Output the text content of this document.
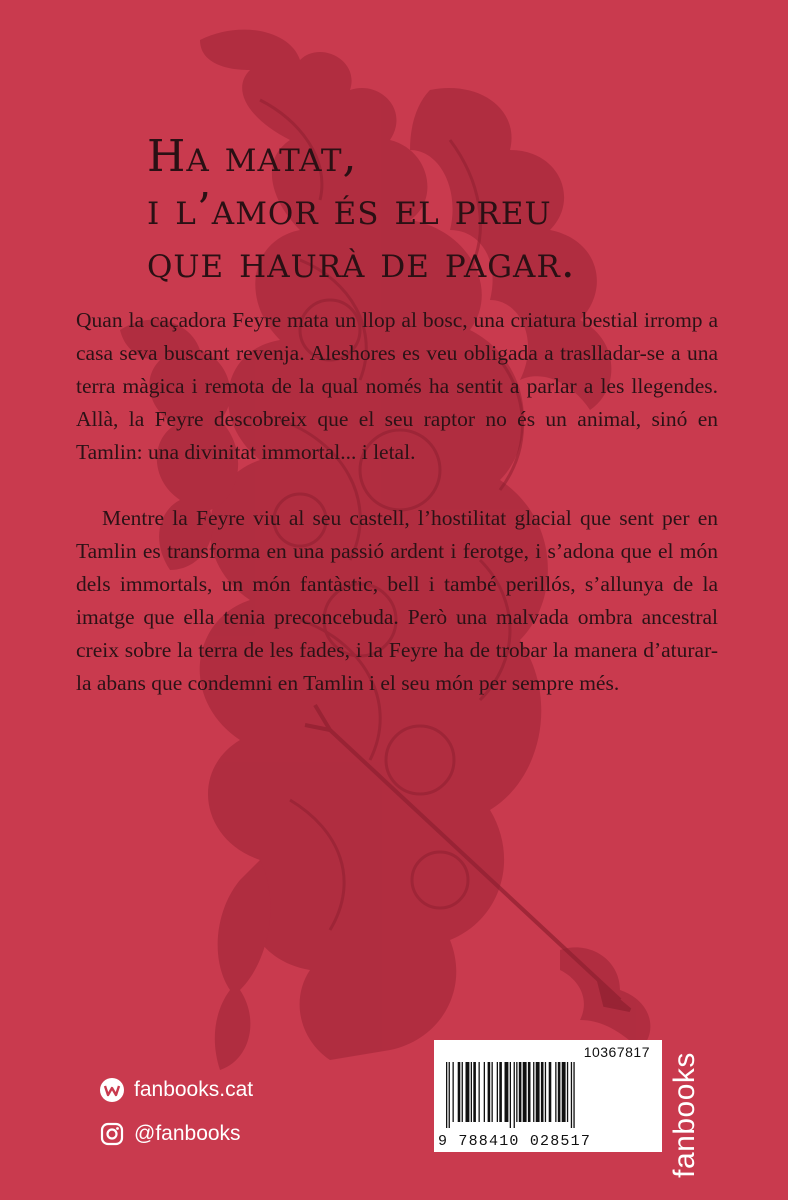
Ha matat,
i l’amor és el preu
que haurà de pagar.

Quan la caçadora Feyre mata un llop al bosc, una criatura bestial irromp a casa seva buscant revenja. Aleshores es veu obligada a traslladar-se a una terra màgica i remota de la qual només ha sentit a parlar a les llegendes. Allà, la Feyre descobreix que el seu raptor no és un animal, sinó en Tamlin: una divinitat immortal... i letal.

Mentre la Feyre viu al seu castell, l’hostilitat glacial que sent per en Tamlin es transforma en una passió ardent i ferotge, i s’adona que el món dels immortals, un món fantàstic, bell i també perillós, s’allunya de la imatge que ella tenia preconcebuda. Però una malvada ombra ancestral creix sobre la terra de les fades, i la Feyre ha de trobar la manera d’aturar-la abans que condemni en Tamlin i el seu món per sempre més.

fanbooks.cat
@fanbooks
10367817
9 788410 028517	fanbooks
